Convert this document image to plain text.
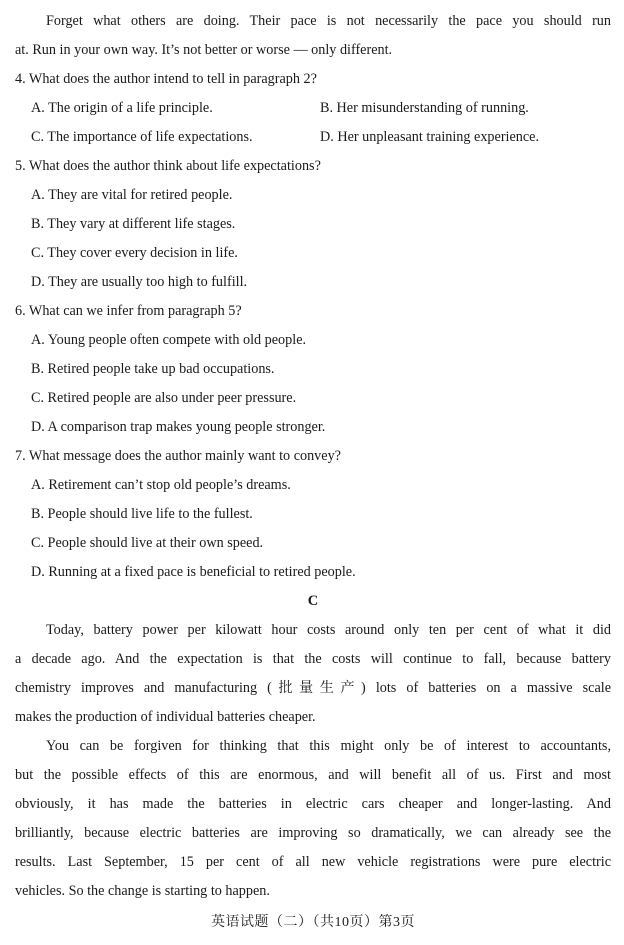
Forget what others are doing. Their pace is not necessarily the pace you should run
at. Run in your own way. It’s not better or worse — only different.
4. What does the author intend to tell in paragraph 2?
A. The origin of a life principle.	B. Her misunderstanding of running.
C. The importance of life expectations.	D. Her unpleasant training experience.
5. What does the author think about life expectations?
A. They are vital for retired people.
B. They vary at different life stages.
C. They cover every decision in life.
D. They are usually too high to fulfill.
6. What can we infer from paragraph 5?
A. Young people often compete with old people.
B. Retired people take up bad occupations.
C. Retired people are also under peer pressure.
D. A comparison trap makes young people stronger.
7. What message does the author mainly want to convey?
A. Retirement can’t stop old people’s dreams.
B. People should live life to the fullest.
C. People should live at their own speed.
D. Running at a fixed pace is beneficial to retired people.
C
Today, battery power per kilowatt hour costs around only ten per cent of what it did
a decade ago. And the expectation is that the costs will continue to fall, because battery
chemistry improves and manufacturing (批量生产) lots of batteries on a massive scale
makes the production of individual batteries cheaper.
You can be forgiven for thinking that this might only be of interest to accountants,
but the possible effects of this are enormous, and will benefit all of us. First and most
obviously, it has made the batteries in electric cars cheaper and longer-lasting. And
brilliantly, because electric batteries are improving so dramatically, we can already see the
results. Last September, 15 per cent of all new vehicle registrations were pure electric
vehicles. So the change is starting to happen.
英语试题（二）（共10页）第3页
